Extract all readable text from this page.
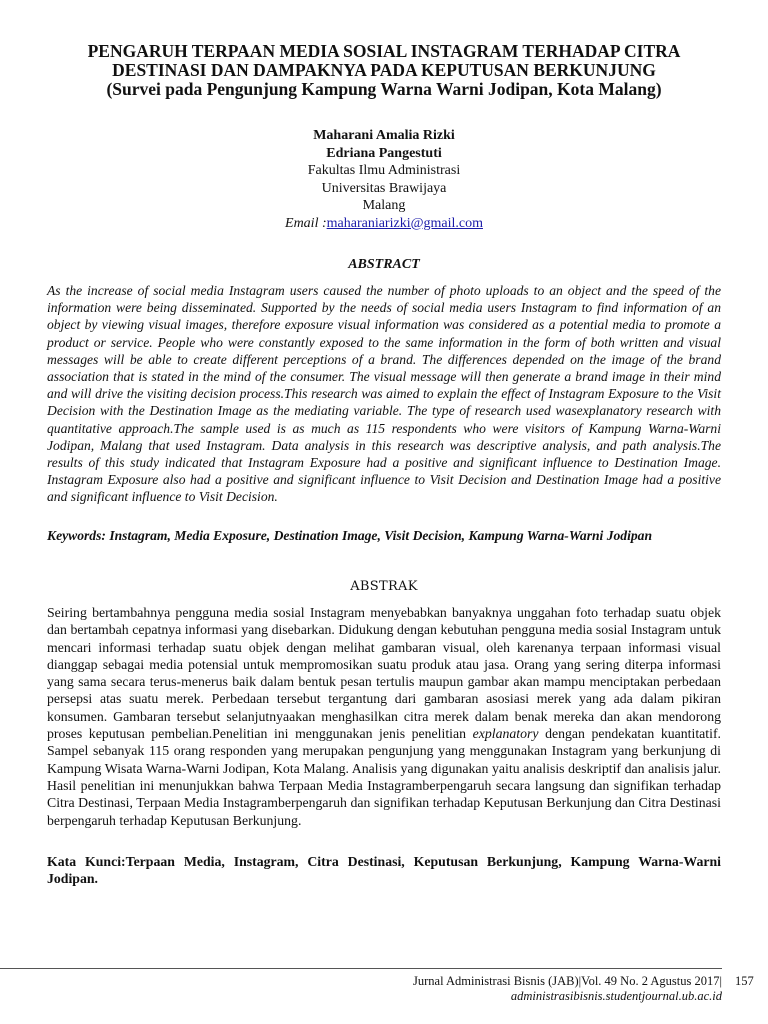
PENGARUH TERPAAN MEDIA SOSIAL INSTAGRAM TERHADAP CITRA
DESTINASI DAN DAMPAKNYA PADA KEPUTUSAN BERKUNJUNG
(Survei pada Pengunjung Kampung Warna Warni Jodipan, Kota Malang)
Maharani Amalia Rizki
Edriana Pangestuti
Fakultas Ilmu Administrasi
Universitas Brawijaya
Malang
Email :maharaniarizki@gmail.com
ABSTRACT
As the increase of social media Instagram users caused the number of photo uploads to an object and the speed of the information were being disseminated. Supported by the needs of social media users Instagram to find information of an object by viewing visual images, therefore exposure visual information was considered as a potential media to promote a product or service. People who were constantly exposed to the same information in the form of both written and visual messages will be able to create different perceptions of a brand. The differences depended on the image of the brand association that is stated in the mind of the consumer. The visual message will then generate a brand image in their mind and will drive the visiting decision process.This research was aimed to explain the effect of Instagram Exposure to the Visit Decision with the Destination Image as the mediating variable. The type of research used wasexplanatory research with quantitative approach.The sample used is as much as 115 respondents who were visitors of Kampung Warna-Warni Jodipan, Malang that used Instagram. Data analysis in this research was descriptive analysis, and path analysis.The results of this study indicated that Instagram Exposure had a positive and significant influence to Destination Image. Instagram Exposure also had a positive and significant influence to Visit Decision and Destination Image had a positive and significant influence to Visit Decision.
Keywords: Instagram, Media Exposure, Destination Image, Visit Decision, Kampung Warna-Warni Jodipan
ABSTRAK
Seiring bertambahnya pengguna media sosial Instagram menyebabkan banyaknya unggahan foto terhadap suatu objek dan bertambah cepatnya informasi yang disebarkan. Didukung dengan kebutuhan pengguna media sosial Instagram untuk mencari informasi terhadap suatu objek dengan melihat gambaran visual, oleh karenanya terpaan informasi visual dianggap sebagai media potensial untuk mempromosikan suatu produk atau jasa. Orang yang sering diterpa informasi yang sama secara terus-menerus baik dalam bentuk pesan tertulis maupun gambar akan mampu menciptakan perbedaan persepsi atas suatu merek. Perbedaan tersebut tergantung dari gambaran asosiasi merek yang ada dalam pikiran konsumen. Gambaran tersebut selanjutnyaakan menghasilkan citra merek dalam benak mereka dan akan mendorong proses keputusan pembelian.Penelitian ini menggunakan jenis penelitian explanatory dengan pendekatan kuantitatif. Sampel sebanyak 115 orang responden yang merupakan pengunjung yang menggunakan Instagram yang berkunjung di Kampung Wisata Warna-Warni Jodipan, Kota Malang. Analisis yang digunakan yaitu analisis deskriptif dan analisis jalur. Hasil penelitian ini menunjukkan bahwa Terpaan Media Instagramberpengaruh secara langsung dan signifikan terhadap Citra Destinasi, Terpaan Media Instagramberpengaruh dan signifikan terhadap Keputusan Berkunjung dan Citra Destinasi berpengaruh terhadap Keputusan Berkunjung.
Kata Kunci:Terpaan Media, Instagram, Citra Destinasi, Keputusan Berkunjung, Kampung Warna-Warni Jodipan.
Jurnal Administrasi Bisnis (JAB)|Vol. 49 No. 2 Agustus 2017|
administrasibisnis.studentjournal.ub.ac.id
157
